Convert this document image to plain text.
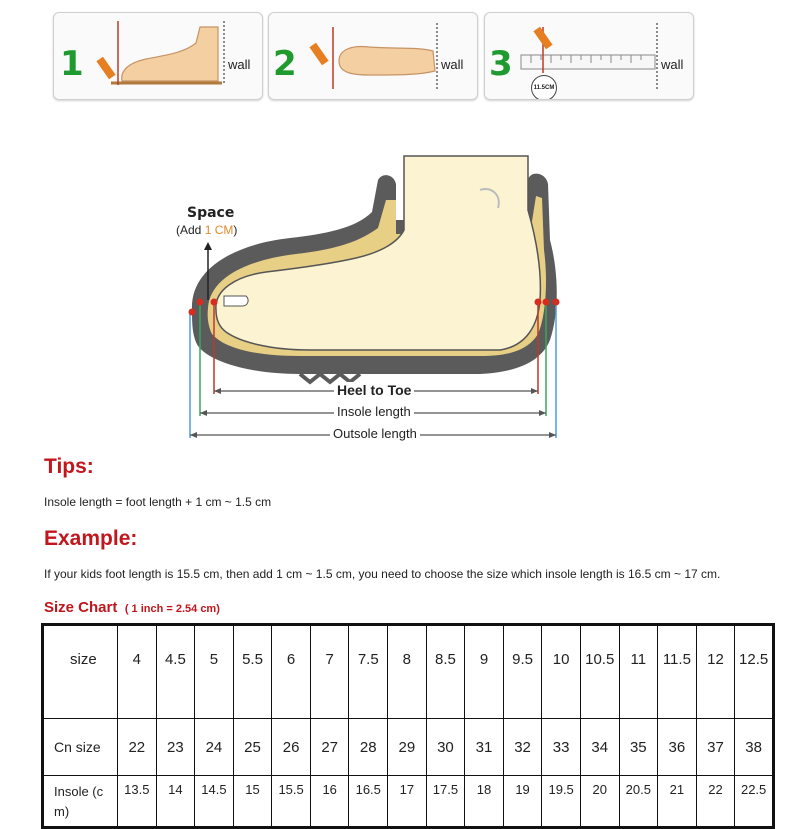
1	wall 2	wall 3	wall
11.5CM
Space
(Add 1 CM)
Heel to Toe
Insole length
Outsole length
Tips:
Insole length = foot length + 1 cm ~ 1.5 cm
Example:
If your kids foot length is 15.5 cm, then add 1 cm ~ 1.5 cm, you need to choose the size which insole length is 16.5 cm ~ 17 cm.
Size Chart ( 1 inch = 2.54 cm)
size	4	4.5	5	5.5	6	7	7.5	8	8.5	9	9.5	10	10.5	11	11.5	12	12.5
Cn size	22	23	24	25	26	27	28	29	30	31	32	33	34	35	36	37	38
Insole (cm)	13.5	14	14.5	15	15.5	16	16.5	17	17.5	18	19	19.5	20	20.5	21	22	22.5
